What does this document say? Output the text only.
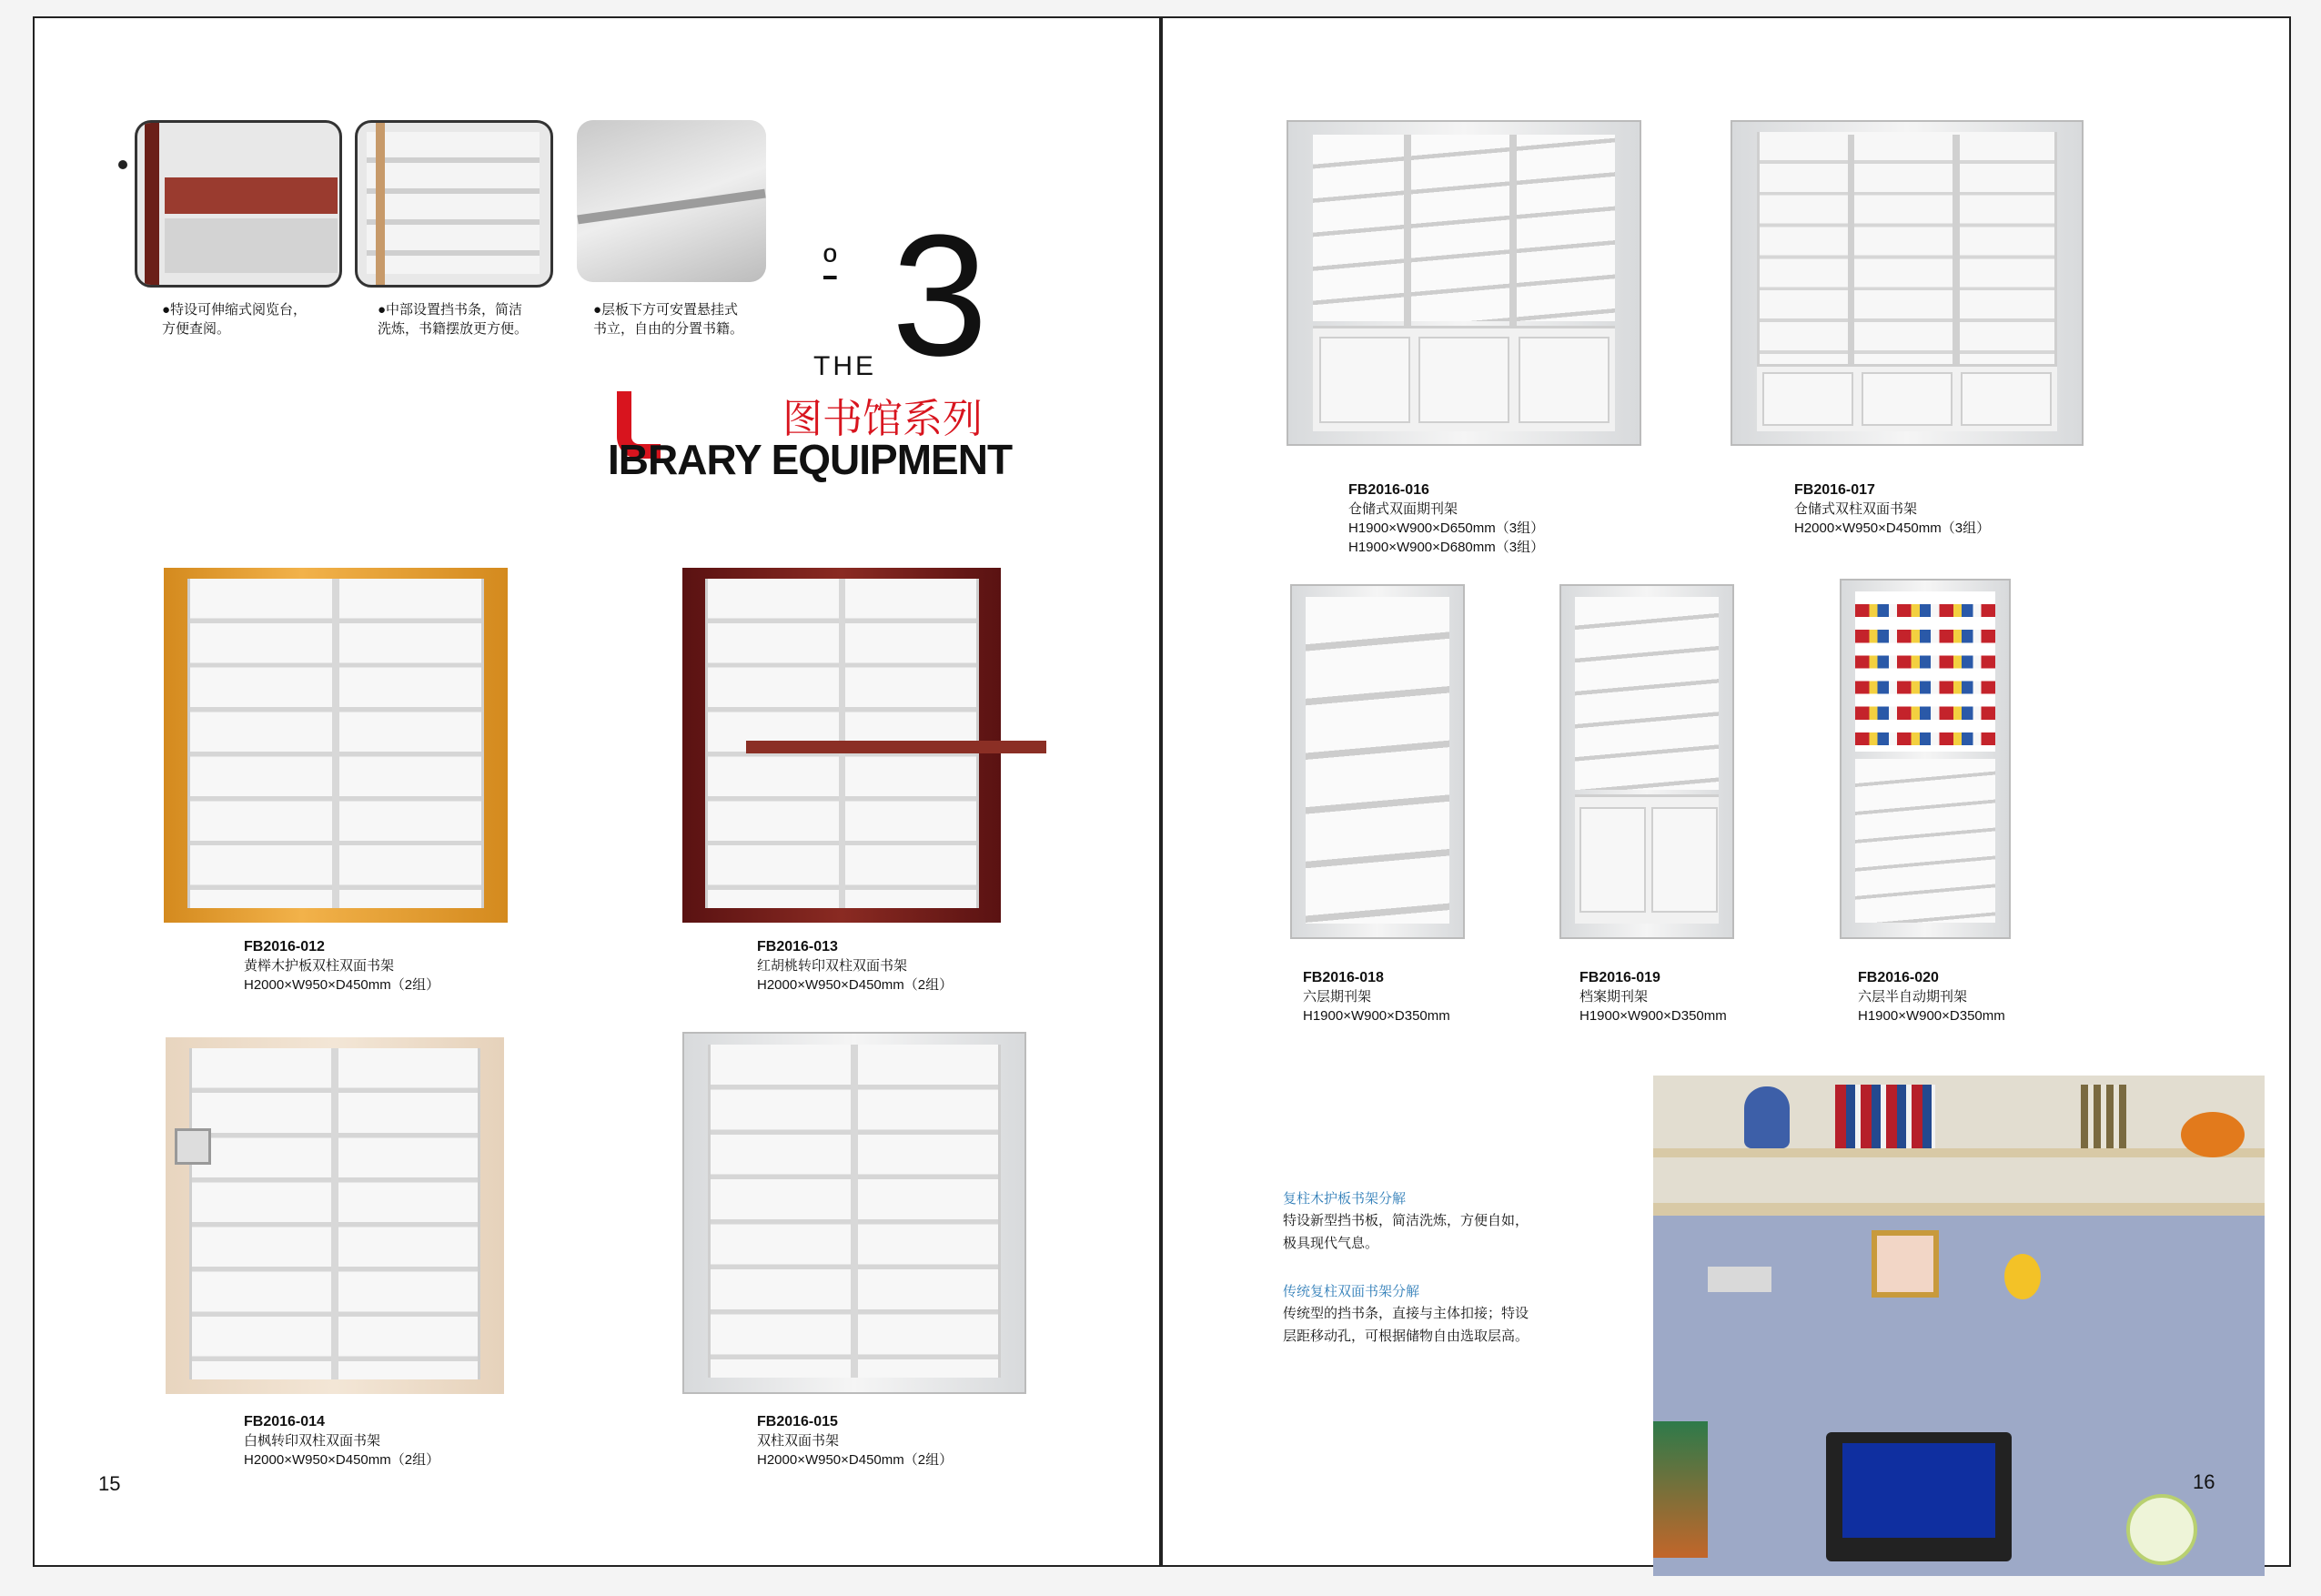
●特设可伸缩式阅览台，方便查阅。
●中部设置挡书条，简洁洗炼，书籍摆放更方便。
●层板下方可安置悬挂式书立，自由的分置书籍。
º 3
THE
图书馆系列
IBRARY EQUIPMENT
FB2016-012
黄榉木护板双柱双面书架
H2000×W950×D450mm（2组）
FB2016-013
红胡桃转印双柱双面书架
H2000×W950×D450mm（2组）
FB2016-014
白枫转印双柱双面书架
H2000×W950×D450mm（2组）
FB2016-015
双柱双面书架
H2000×W950×D450mm（2组）
15
FB2016-016
仓储式双面期刊架
H1900×W900×D650mm（3组）
H1900×W900×D680mm（3组）
FB2016-017
仓储式双柱双面书架
H2000×W950×D450mm（3组）
FB2016-018
六层期刊架
H1900×W900×D350mm
FB2016-019
档案期刊架
H1900×W900×D350mm
FB2016-020
六层半自动期刊架
H1900×W900×D350mm
复柱木护板书架分解
特设新型挡书板，简洁洗炼，方便自如，极具现代气息。
传统复柱双面书架分解
传统型的挡书条，直接与主体扣接；特设层距移动孔，可根据储物自由选取层高。
16
